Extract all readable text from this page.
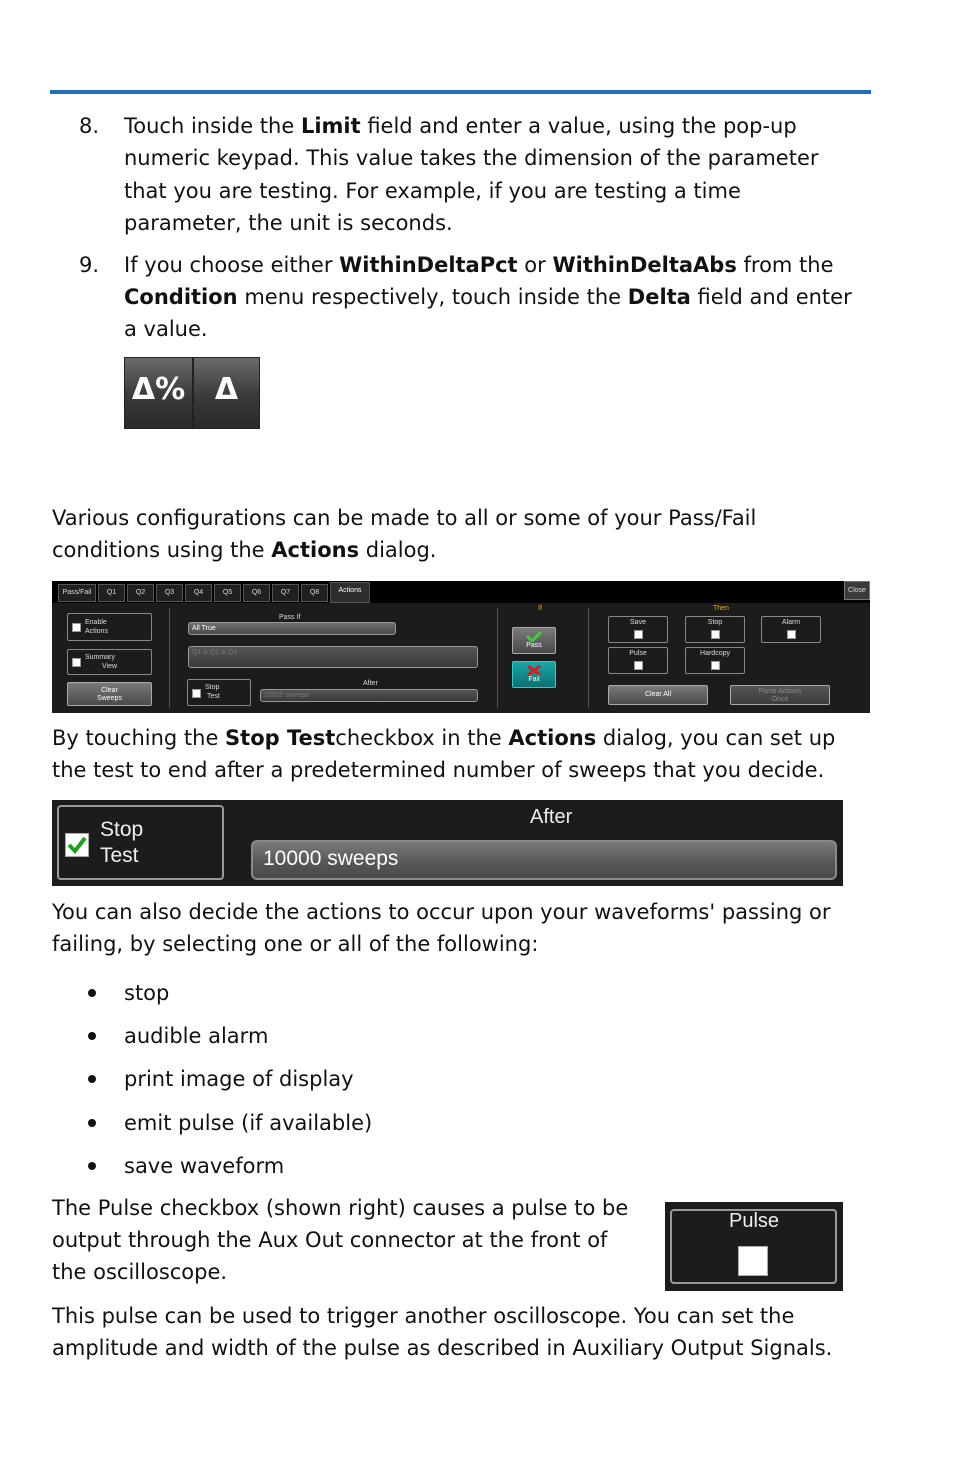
8. Touch inside the Limit field and enter a value, using the pop-up

numeric keypad. This value takes the dimension of the parameter

that you are testing. For example, if you are testing a time

parameter, the unit is seconds.

9. If you choose either WithinDeltaPct or WithinDeltaAbs from the

Condition menu respectively, touch inside the Delta field and enter

a value.

Δ% Δ

Various configurations can be made to all or some of your Pass/Fail

conditions using the Actions dialog.

Pass/Fail	Q1	Q2	Q3	Q4	Q5	Q6	Q7	Q8	Actions	Close
Enable
Actions
Summary
View
Clear
Sweeps
Pass If
All True
Q1 & Q2 & Q3
Stop
Test
After
10000 sweeps
If
Pass
Fail
Then
Save	Stop	Alarm
Pulse	Hardcopy
Clear All	Force Actions
Once

By touching the Stop Testcheckbox in the Actions dialog, you can set up

the test to end after a predetermined number of sweeps that you decide.

Stop
Test
After
10000 sweeps

You can also decide the actions to occur upon your waveforms' passing or

failing, by selecting one or all of the following:

stop
audible alarm
print image of display
emit pulse (if available)
save waveform

The Pulse checkbox (shown right) causes a pulse to be

output through the Aux Out connector at the front of

the oscilloscope.

Pulse

This pulse can be used to trigger another oscilloscope. You can set the

amplitude and width of the pulse as described in Auxiliary Output Signals.
